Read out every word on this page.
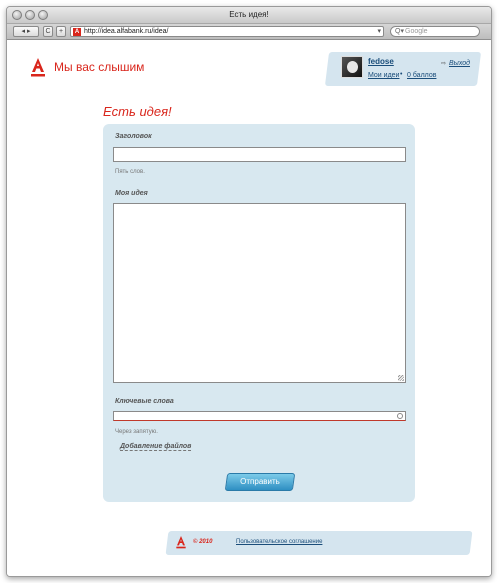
Есть идея!
◂ ▸	C	+	А http://idea.alfabank.ru/idea/	▾ Q▾ Google
Мы вас слышим	fedose
Мои идеи • 0 баллов
⇨ Выход
Есть идея!
Заголовок
Пять слов.
Моя идея
Ключевые слова
Через запятую.
Добавление файлов
Отправить
© 2010	Пользовательское соглашение
